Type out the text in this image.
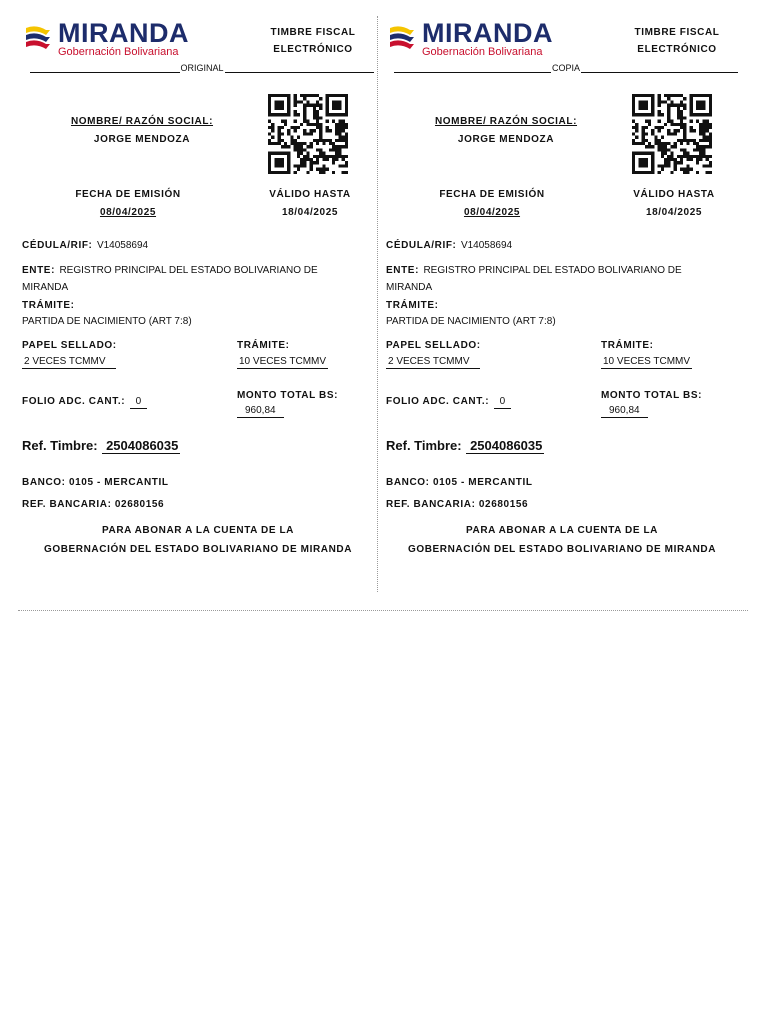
MIRANDA
Gobernación Bolivariana
TIMBRE FISCAL
ELECTRÓNICO
ORIGINAL
NOMBRE/ RAZÓN SOCIAL:
JORGE MENDOZA
FECHA DE EMISIÓN
08/04/2025
VÁLIDO HASTA
18/04/2025
CÉDULA/RIF: V14058694
ENTE: REGISTRO PRINCIPAL DEL ESTADO BOLIVARIANO DE
MIRANDA
TRÁMITE:
PARTIDA DE NACIMIENTO (ART 7:8)
PAPEL SELLADO:
2 VECES TCMMV
TRÁMITE:
10 VECES TCMMV
FOLIO ADC. CANT.: 0
MONTO TOTAL BS:
960,84
Ref. Timbre: 2504086035
BANCO: 0105 - MERCANTIL
REF. BANCARIA: 02680156
PARA ABONAR A LA CUENTA DE LA
GOBERNACIÓN DEL ESTADO BOLIVARIANO DE MIRANDA
MIRANDA
Gobernación Bolivariana
TIMBRE FISCAL
ELECTRÓNICO
COPIA
NOMBRE/ RAZÓN SOCIAL:
JORGE MENDOZA
FECHA DE EMISIÓN
08/04/2025
VÁLIDO HASTA
18/04/2025
CÉDULA/RIF: V14058694
ENTE: REGISTRO PRINCIPAL DEL ESTADO BOLIVARIANO DE
MIRANDA
TRÁMITE:
PARTIDA DE NACIMIENTO (ART 7:8)
PAPEL SELLADO:
2 VECES TCMMV
TRÁMITE:
10 VECES TCMMV
FOLIO ADC. CANT.: 0
MONTO TOTAL BS:
960,84
Ref. Timbre: 2504086035
BANCO: 0105 - MERCANTIL
REF. BANCARIA: 02680156
PARA ABONAR A LA CUENTA DE LA
GOBERNACIÓN DEL ESTADO BOLIVARIANO DE MIRANDA
